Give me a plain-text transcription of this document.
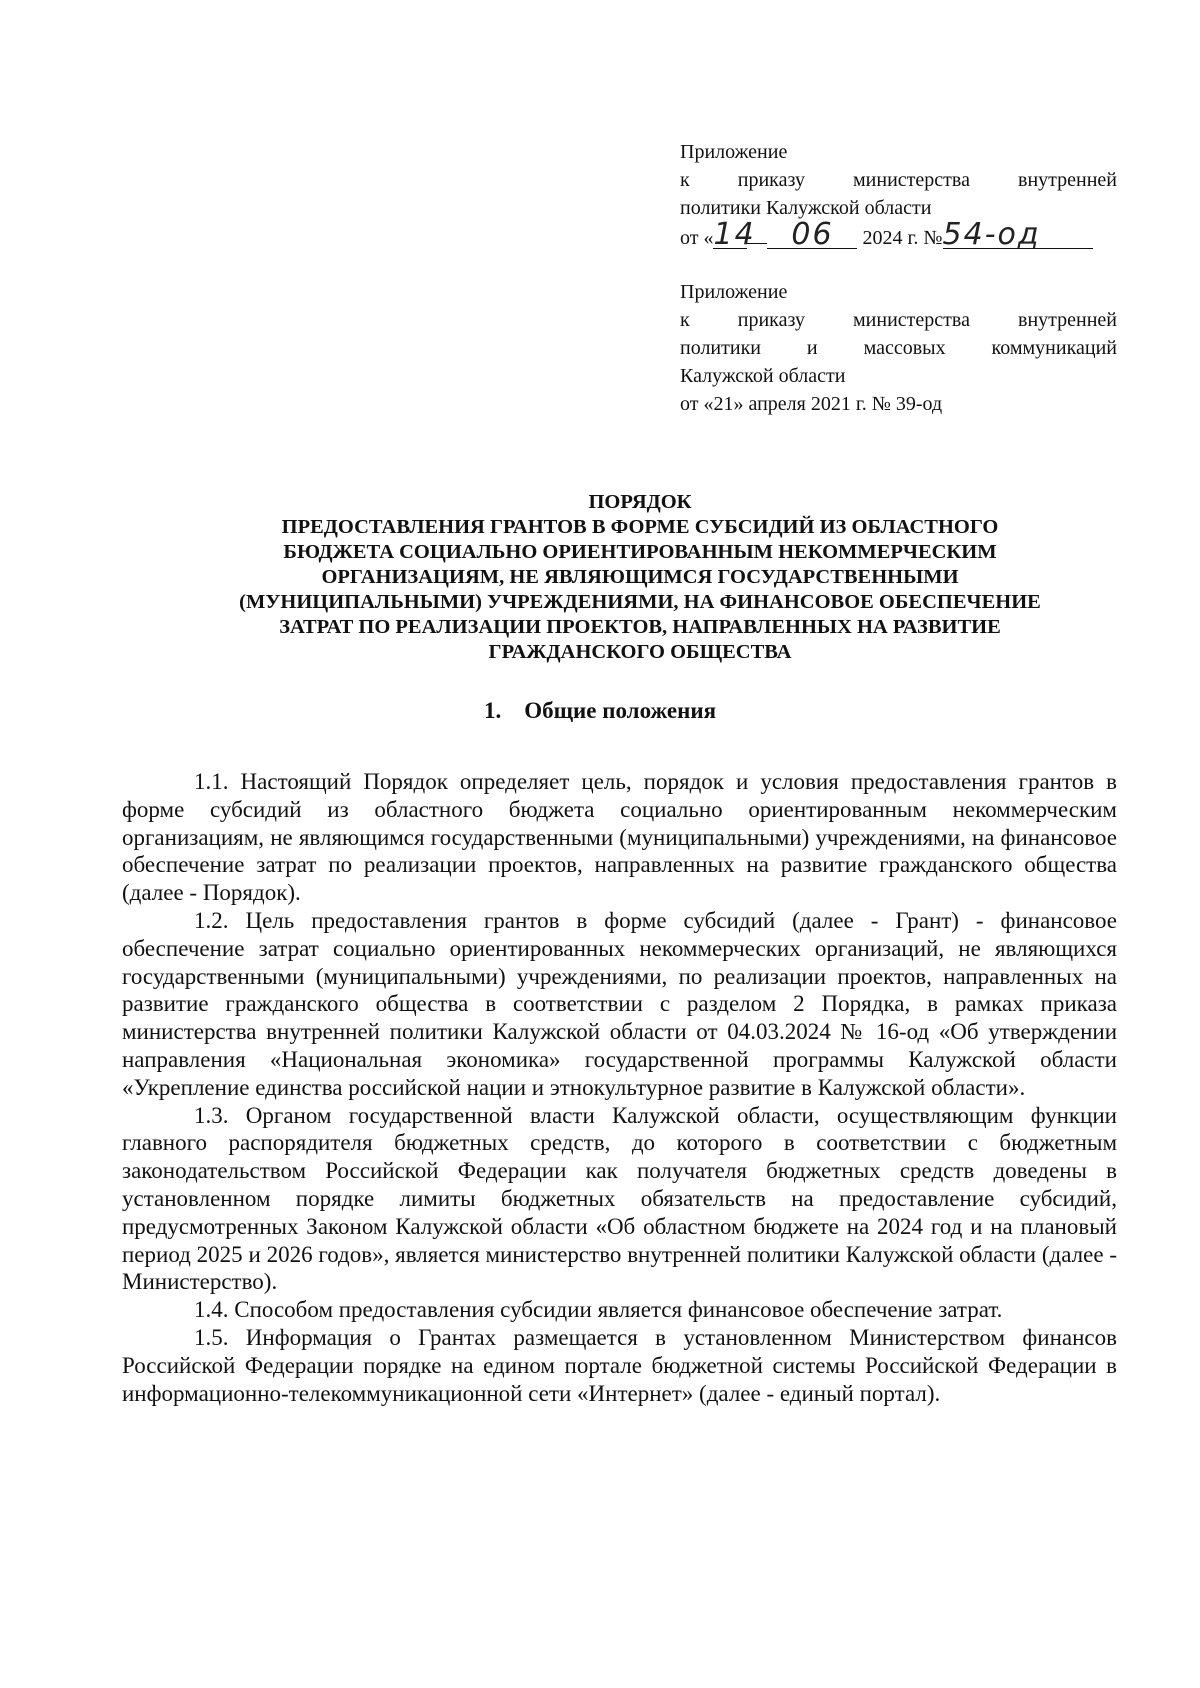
Приложение
к приказу министерства внутренней
политики Калужской области
от «14 06 2024 г. №54-од
Приложение
к приказу министерства внутренней
политики и массовых коммуникаций
Калужской области
от «21» апреля 2021 г. № 39-од
ПОРЯДОК
ПРЕДОСТАВЛЕНИЯ ГРАНТОВ В ФОРМЕ СУБСИДИЙ ИЗ ОБЛАСТНОГО
БЮДЖЕТА СОЦИАЛЬНО ОРИЕНТИРОВАННЫМ НЕКОММЕРЧЕСКИМ
ОРГАНИЗАЦИЯМ, НЕ ЯВЛЯЮЩИМСЯ ГОСУДАРСТВЕННЫМИ
(МУНИЦИПАЛЬНЫМИ) УЧРЕЖДЕНИЯМИ, НА ФИНАНСОВОЕ ОБЕСПЕЧЕНИЕ
ЗАТРАТ ПО РЕАЛИЗАЦИИ ПРОЕКТОВ, НАПРАВЛЕННЫХ НА РАЗВИТИЕ
ГРАЖДАНСКОГО ОБЩЕСТВА
1. Общие положения

1.1. Настоящий Порядок определяет цель, порядок и условия предоставления грантов в форме субсидий из областного бюджета социально ориентированным некоммерческим организациям, не являющимся государственными (муниципальными) учреждениями, на финансовое обеспечение затрат по реализации проектов, направленных на развитие гражданского общества (далее - Порядок).

1.2. Цель предоставления грантов в форме субсидий (далее - Грант) - финансовое обеспечение затрат социально ориентированных некоммерческих организаций, не являющихся государственными (муниципальными) учреждениями, по реализации проектов, направленных на развитие гражданского общества в соответствии с разделом 2 Порядка, в рамках приказа министерства внутренней политики Калужской области от 04.03.2024 № 16-од «Об утверждении направления «Национальная экономика» государственной программы Калужской области «Укрепление единства российской нации и этнокультурное развитие в Калужской области».

1.3. Органом государственной власти Калужской области, осуществляющим функции главного распорядителя бюджетных средств, до которого в соответствии с бюджетным законодательством Российской Федерации как получателя бюджетных средств доведены в установленном порядке лимиты бюджетных обязательств на предоставление субсидий, предусмотренных Законом Калужской области «Об областном бюджете на 2024 год и на плановый период 2025 и 2026 годов», является министерство внутренней политики Калужской области (далее - Министерство).

1.4. Способом предоставления субсидии является финансовое обеспечение затрат.

1.5. Информация о Грантах размещается в установленном Министерством финансов Российской Федерации порядке на едином портале бюджетной системы Российской Федерации в информационно-телекоммуникационной сети «Интернет» (далее - единый портал).
